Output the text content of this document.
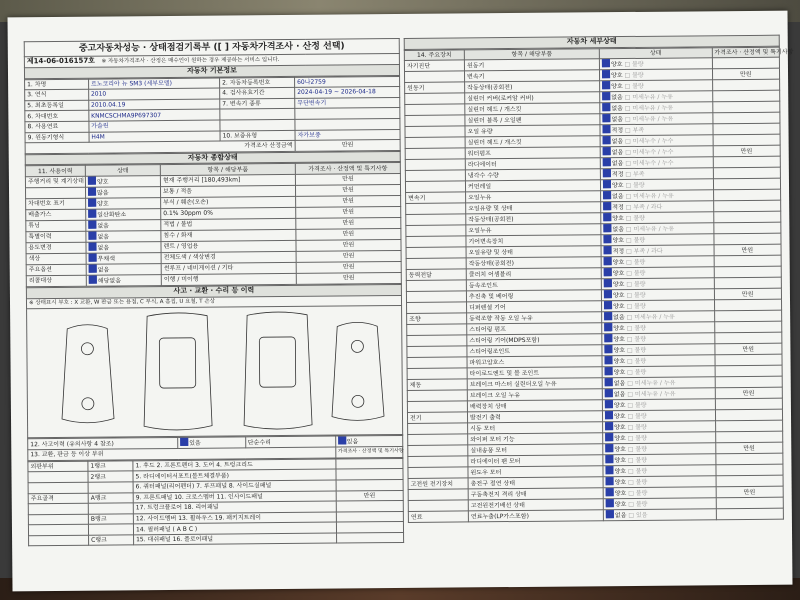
중고자동차성능 · 상태점검기록부 ([ ] 자동차가격조사 · 산정 선택)
제14-06-016157호 ※ 자동차가격조사 · 산정은 매수인이 원하는 경우 제공하는 서비스 입니다.
자동차 기본정보
1. 차명	르노코리아 뉴 SM3 (세부모델)	2. 자동차등록번호	60나2759
3. 연식	2010	4. 검사유효기간	2024-04-19 ~ 2026-04-18
5. 최초등록일	2010.04.19	7. 변속기 종류	무단변속기
6. 차대번호	KNMCSCHMA9P697307		
8. 사용연료	가솔린		
9. 원동기형식	H4M	10. 보증유형	자가보증
가격조사 산정금액			만원
자동차 종합상태
11. 사용이력	상태	항목 / 해당부품	가격조사 · 산정액 및 특기사항
주행거리 및 계기상태	양호	현재 주행거리 [180,493km]	만원
	많음	보통 / 적음	만원
차대번호 표기	양호	부식 / 훼손(오손)	만원
배출가스	일산화탄소	0.1% 30ppm 0%	만원
튜닝	없음	적법 / 불법	만원
특별이력	없음	침수 / 화재	만원
용도변경	없음	렌트 / 영업용	만원
색상	무채색	전체도색 / 색상변경	만원
주요옵션	없음	썬루프 / 네비게이션 / 기타	만원
리콜대상	해당없음	이행 / 미이행	만원
사고 · 교환 · 수리 등 이력
※ 상태표시 부호 : X 교환, W 판금 또는 용접, C 부식, A 흠집, U 요철, T 손상
12. 사고이력 (유의사항 4 참조)	있음	단순수리	있음
13. 교환, 판금 등 이상 부위			가격조사 · 산정액 및 특기사항
외판부위	1랭크	1. 후드 2. 프론트펜더 3. 도어 4. 트렁크리드	
	2랭크	5. 라디에이터서포트(볼트체결부품)	
		6. 쿼터패널(리어펜더) 7. 루프패널 8. 사이드실패널	
주요골격	A랭크	9. 프론트패널 10. 크로스멤버 11. 인사이드패널	만원
		17. 트렁크플로어 18. 리어패널	
	B랭크	12. 사이드멤버 13. 휠하우스 19. 패키지트레이	
		14. 필러패널 ( A B C )	
	C랭크	15. 대쉬패널 16. 플로어패널	
자동차 세부상태
14. 주요장치	항목 / 해당부품	상태	가격조사 · 산정액 및 특기사항
자기진단	원동기	양호 □ 불량	
	변속기	양호 □ 불량	만원
원동기	작동상태(공회전)	양호 □ 불량	
	실린더 커버(로커암 커버)	없음 □ 미세누유 / 누유	
	실린더 헤드 / 개스킷	없음 □ 미세누유 / 누유	
	실린더 블록 / 오일팬	없음 □ 미세누유 / 누유	
	오일 유량	적정 □ 부족	
	실린더 헤드 / 개스킷	없음 □ 미세누수 / 누수	
	워터펌프	없음 □ 미세누수 / 누수	만원
	라디에이터	없음 □ 미세누수 / 누수	
	냉각수 수량	적정 □ 부족	
	커먼레일	양호 □ 불량	
변속기	오일누유	없음 □ 미세누유 / 누유	
	오일유량 및 상태	적정 □ 부족 / 과다	
	작동상태(공회전)	양호 □ 불량	
	오일누유	없음 □ 미세누유 / 누유	
	기어변속장치	양호 □ 불량	
	오일유량 및 상태	적정 □ 부족 / 과다	만원
	작동상태(공회전)	양호 □ 불량	
동력전달	클러치 어셈블리	양호 □ 불량	
	등속조인트	양호 □ 불량	
	추진축 및 베어링	양호 □ 불량	만원
	디퍼렌셜 기어	양호 □ 불량	
조향	동력조향 작동 오일 누유	없음 □ 미세누유 / 누유	
	스티어링 펌프	양호 □ 불량	
	스티어링 기어(MDPS포함)	양호 □ 불량	
	스티어링조인트	양호 □ 불량	만원
	파워고압호스	양호 □ 불량	
	타이로드엔드 및 볼 조인트	양호 □ 불량	
제동	브레이크 마스터 실린더오일 누유	없음 □ 미세누유 / 누유	
	브레이크 오일 누유	없음 □ 미세누유 / 누유	만원
	배력장치 상태	양호 □ 불량	
전기	발전기 출력	양호 □ 불량	
	시동 모터	양호 □ 불량	
	와이퍼 모터 기능	양호 □ 불량	
	실내송풍 모터	양호 □ 불량	만원
	라디에이터 팬 모터	양호 □ 불량	
	윈도우 모터	양호 □ 불량	
고전원 전기장치	충전구 절연 상태	양호 □ 불량	
	구동축전지 격리 상태	양호 □ 불량	만원
	고전원전기배선 상태	양호 □ 불량	
연료	연료누출(LP가스포함)	없음 □ 있음	
